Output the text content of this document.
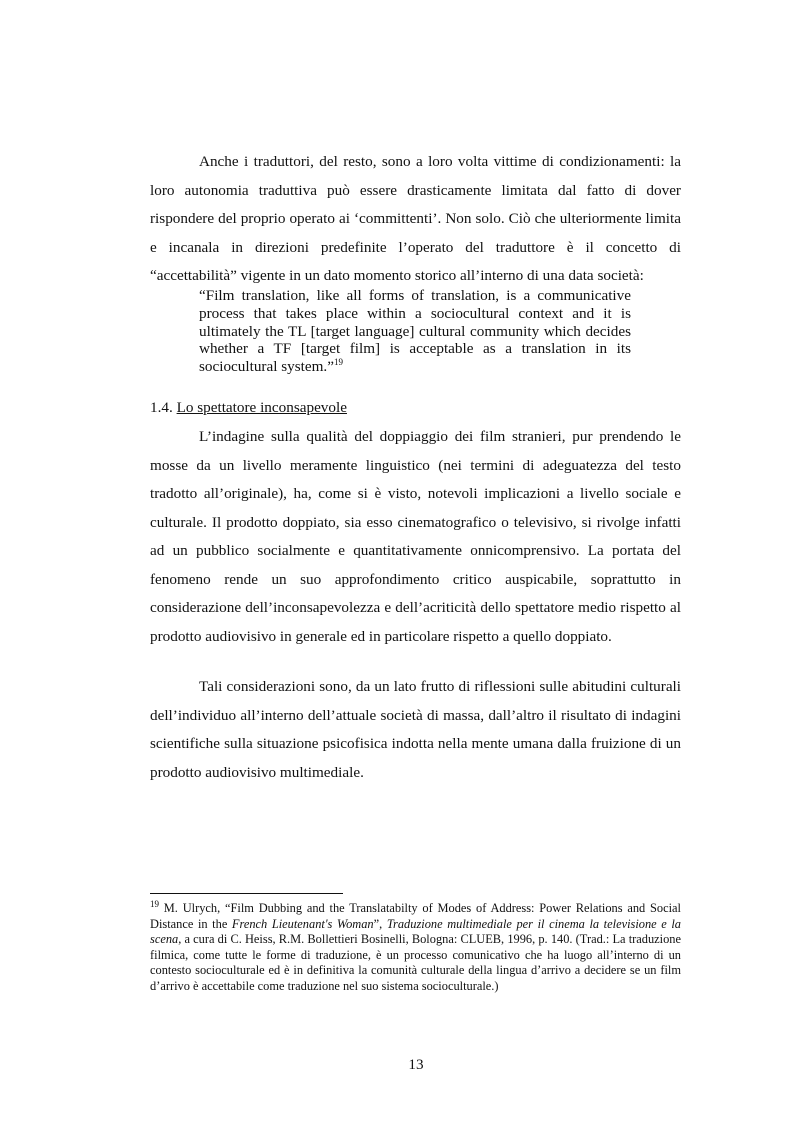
Anche i traduttori, del resto, sono a loro volta vittime di condizionamenti: la loro autonomia traduttiva può essere drasticamente limitata dal fatto di dover rispondere del proprio operato ai ‘committenti’. Non solo. Ciò che ulteriormente limita e incanala in direzioni predefinite l’operato del traduttore è il concetto di “accettabilità” vigente in un dato momento storico all’interno di una data società:

“Film translation, like all forms of translation, is a communicative process that takes place within a sociocultural context and it is ultimately the TL [target language] cultural community which decides whether a TF [target film] is acceptable as a translation in its sociocultural system.”$^{19}$

1.4. Lo spettatore inconsapevole

L’indagine sulla qualità del doppiaggio dei film stranieri, pur prendendo le mosse da un livello meramente linguistico (nei termini di adeguatezza del testo tradotto all’originale), ha, come si è visto, notevoli implicazioni a livello sociale e culturale. Il prodotto doppiato, sia esso cinematografico o televisivo, si rivolge infatti ad un pubblico socialmente e quantitativamente onnicomprensivo. La portata del fenomeno rende un suo approfondimento critico auspicabile, soprattutto in considerazione dell’inconsapevolezza e dell’acriticità dello spettatore medio rispetto al prodotto audiovisivo in generale ed in particolare rispetto a quello doppiato.

Tali considerazioni sono, da un lato frutto di riflessioni sulle abitudini culturali dell’individuo all’interno dell’attuale società di massa, dall’altro il risultato di indagini scientifiche sulla situazione psicofisica indotta nella mente umana dalla fruizione di un prodotto audiovisivo multimediale.

$^{19}$ M. Ulrych, “Film Dubbing and the Translatabilty of Modes of Address: Power Relations and Social Distance in the French Lieutenant's Woman”, Traduzione multimediale per il cinema la televisione e la scena, a cura di C. Heiss, R.M. Bollettieri Bosinelli, Bologna: CLUEB, 1996, p. 140. (Trad.: La traduzione filmica, come tutte le forme di traduzione, è un processo comunicativo che ha luogo all’interno di un contesto socioculturale ed è in definitiva la comunità culturale della lingua d’arrivo a decidere se un film d’arrivo è accettabile come traduzione nel suo sistema socioculturale.)

13
